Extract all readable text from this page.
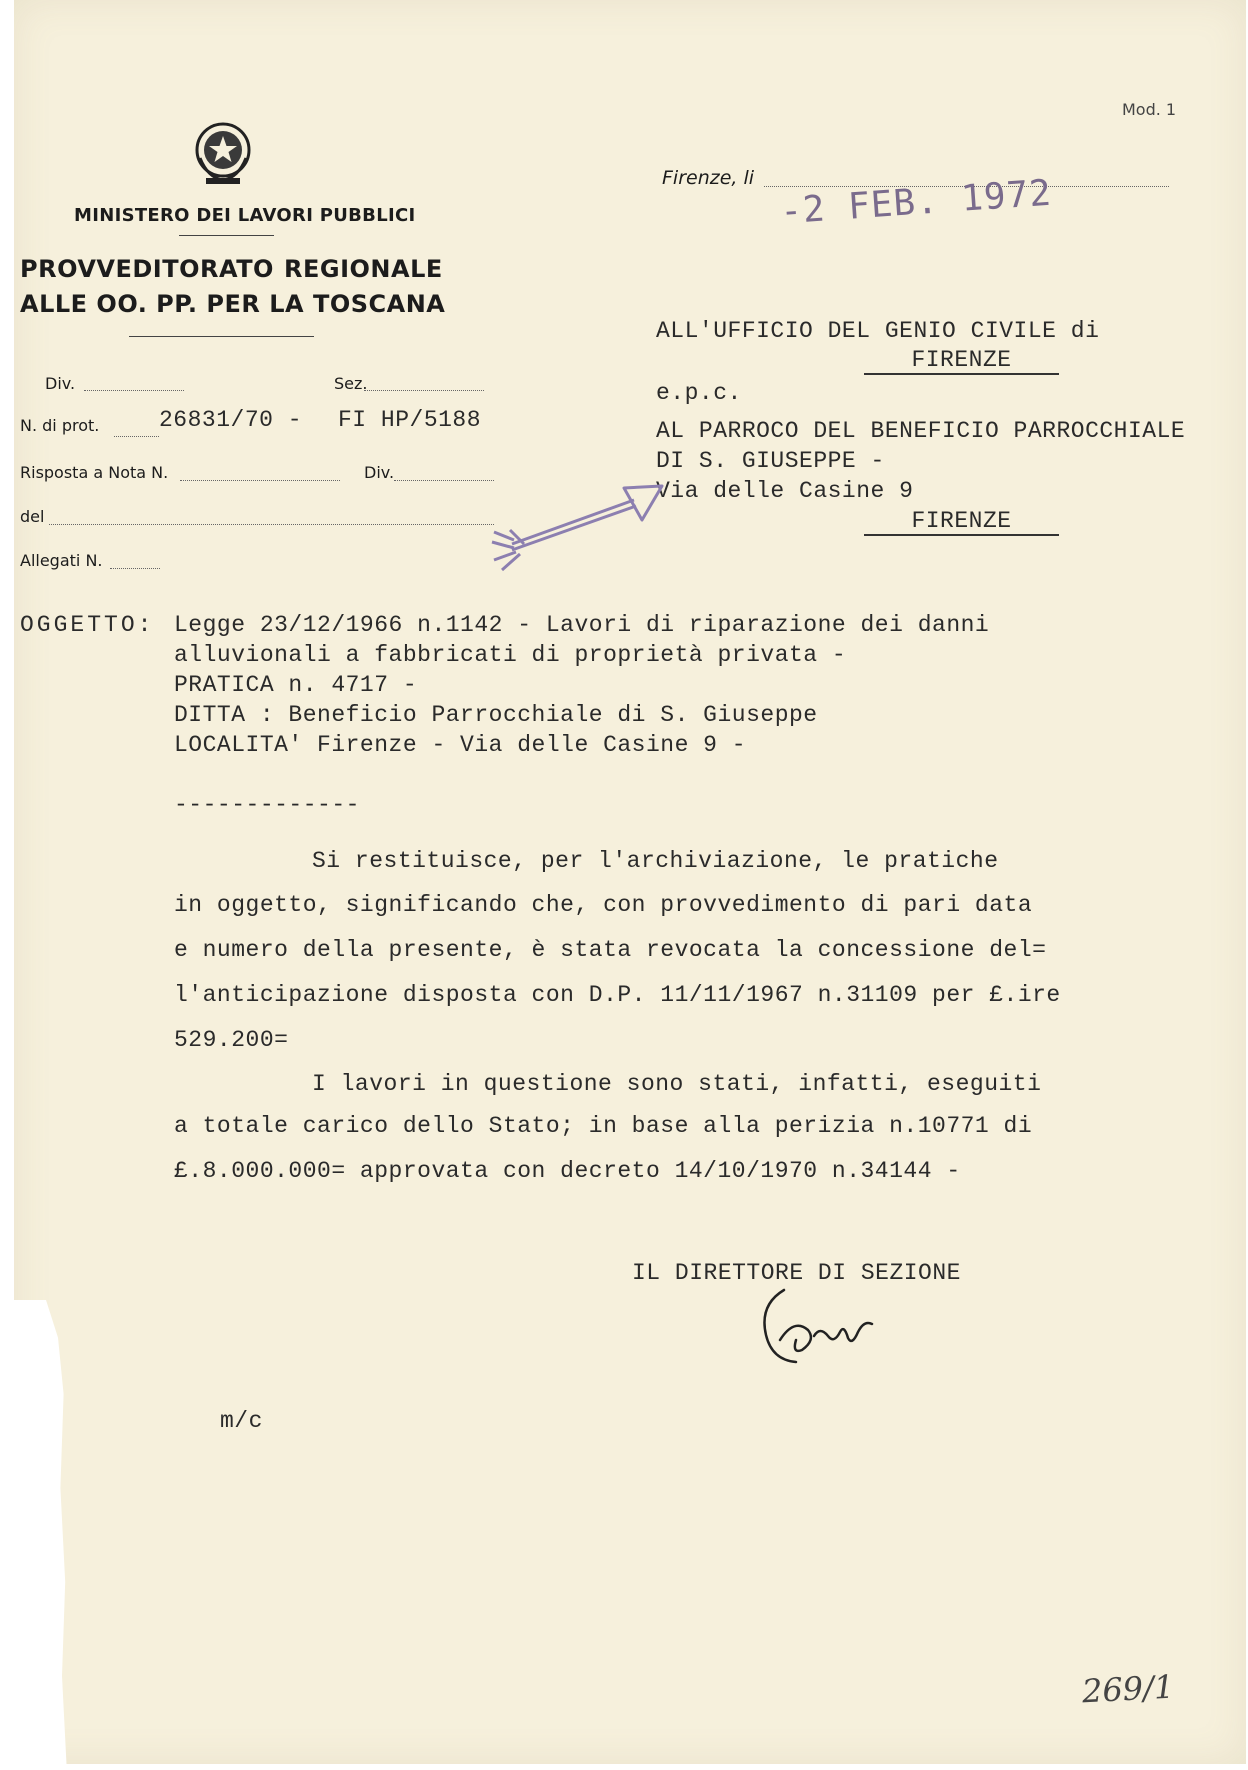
Mod. 1
MINISTERO DEI LAVORI PUBBLICI
PROVVEDITORATO REGIONALE
ALLE OO. PP. PER LA TOSCANA
Firenze, li -2 FEB. 1972
Div.	Sez.
N. di prot.	26831/70 - FI HP/5188
Risposta a Nota N.	Div.
del
Allegati N.
ALL'UFFICIO DEL GENIO CIVILE di
FIRENZE
e.p.c.
AL PARROCO DEL BENEFICIO PARROCCHIALE
DI S. GIUSEPPE -
Via delle Casine 9
FIRENZE
OGGETTO: Legge 23/12/1966 n.1142 - Lavori di riparazione dei danni
alluvionali a fabbricati di proprietà privata -
PRATICA n. 4717 -
DITTA : Beneficio Parrocchiale di S. Giuseppe
LOCALITA' Firenze - Via delle Casine 9 -
-------------
Si restituisce, per l'archiviazione, le pratiche
in oggetto, significando che, con provvedimento di pari data
e numero della presente, è stata revocata la concessione del=
l'anticipazione disposta con D.P. 11/11/1967 n.31109 per £.ire
529.200=
I lavori in questione sono stati, infatti, eseguiti
a totale carico dello Stato; in base alla perizia n.10771 di
£.8.000.000= approvata con decreto 14/10/1970 n.34144 -
IL DIRETTORE DI SEZIONE
m/c
269/1
